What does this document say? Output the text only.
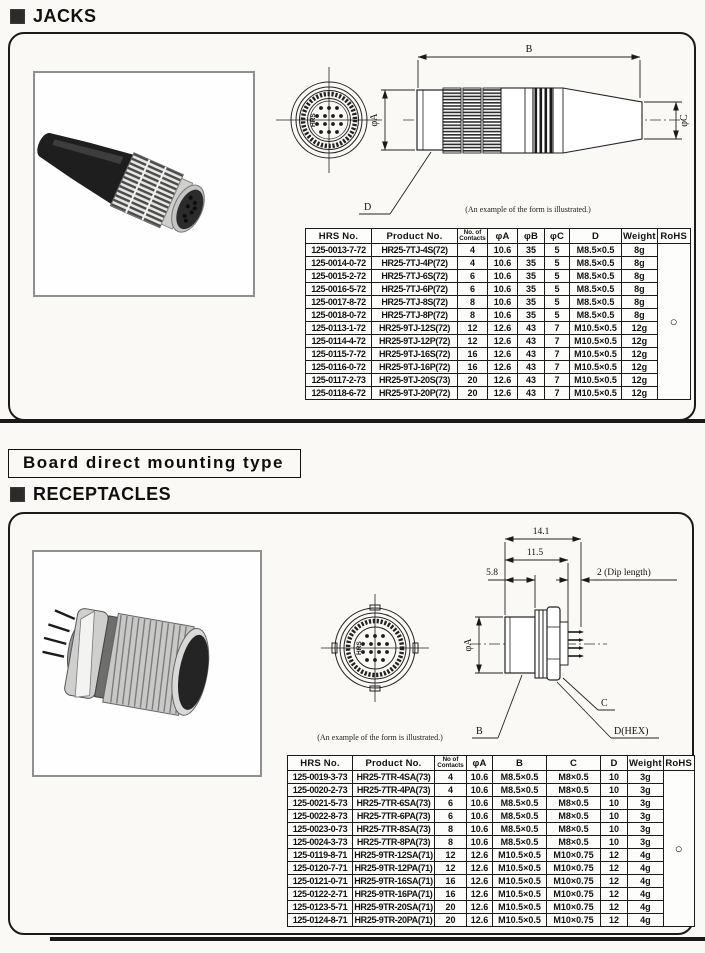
JACKS
HRS
B
φA	φC
D	(An example of the form is illustrated.)
HRS No.	Product No.	No. of
Contacts	φA	φB	φC	D	Weight	RoHS
125-0013-7-72	HR25-7TJ-4S(72)	4	10.6	35	5	M8.5×0.5	8g	○
125-0014-0-72	HR25-7TJ-4P(72)	4	10.6	35	5	M8.5×0.5	8g	
125-0015-2-72	HR25-7TJ-6S(72)	6	10.6	35	5	M8.5×0.5	8g	
125-0016-5-72	HR25-7TJ-6P(72)	6	10.6	35	5	M8.5×0.5	8g	
125-0017-8-72	HR25-7TJ-8S(72)	8	10.6	35	5	M8.5×0.5	8g	
125-0018-0-72	HR25-7TJ-8P(72)	8	10.6	35	5	M8.5×0.5	8g	
125-0113-1-72	HR25-9TJ-12S(72)	12	12.6	43	7	M10.5×0.5	12g	
125-0114-4-72	HR25-9TJ-12P(72)	12	12.6	43	7	M10.5×0.5	12g	
125-0115-7-72	HR25-9TJ-16S(72)	16	12.6	43	7	M10.5×0.5	12g	
125-0116-0-72	HR25-9TJ-16P(72)	16	12.6	43	7	M10.5×0.5	12g	
125-0117-2-73	HR25-9TJ-20S(73)	20	12.6	43	7	M10.5×0.5	12g	
125-0118-6-72	HR25-9TJ-20P(72)	20	12.6	43	7	M10.5×0.5	12g	
Board direct mounting type
RECEPTACLES
HRS
14.1
11.5
5.8	2 (Dip length)
φA
B
C
D(HEX)
(An example of the form is illustrated.)
HRS No.	Product No.	No of
Contacts	φA	B	C	D	Weight	RoHS
125-0019-3-73	HR25-7TR-4SA(73)	4	10.6	M8.5×0.5	M8×0.5	10	3g	○
125-0020-2-73	HR25-7TR-4PA(73)	4	10.6	M8.5×0.5	M8×0.5	10	3g	
125-0021-5-73	HR25-7TR-6SA(73)	6	10.6	M8.5×0.5	M8×0.5	10	3g	
125-0022-8-73	HR25-7TR-6PA(73)	6	10.6	M8.5×0.5	M8×0.5	10	3g	
125-0023-0-73	HR25-7TR-8SA(73)	8	10.6	M8.5×0.5	M8×0.5	10	3g	
125-0024-3-73	HR25-7TR-8PA(73)	8	10.6	M8.5×0.5	M8×0.5	10	3g	
125-0119-8-71	HR25-9TR-12SA(71)	12	12.6	M10.5×0.5	M10×0.75	12	4g	
125-0120-7-71	HR25-9TR-12PA(71)	12	12.6	M10.5×0.5	M10×0.75	12	4g	
125-0121-0-71	HR25-9TR-16SA(71)	16	12.6	M10.5×0.5	M10×0.75	12	4g	
125-0122-2-71	HR25-9TR-16PA(71)	16	12.6	M10.5×0.5	M10×0.75	12	4g	
125-0123-5-71	HR25-9TR-20SA(71)	20	12.6	M10.5×0.5	M10×0.75	12	4g	
125-0124-8-71	HR25-9TR-20PA(71)	20	12.6	M10.5×0.5	M10×0.75	12	4g	
